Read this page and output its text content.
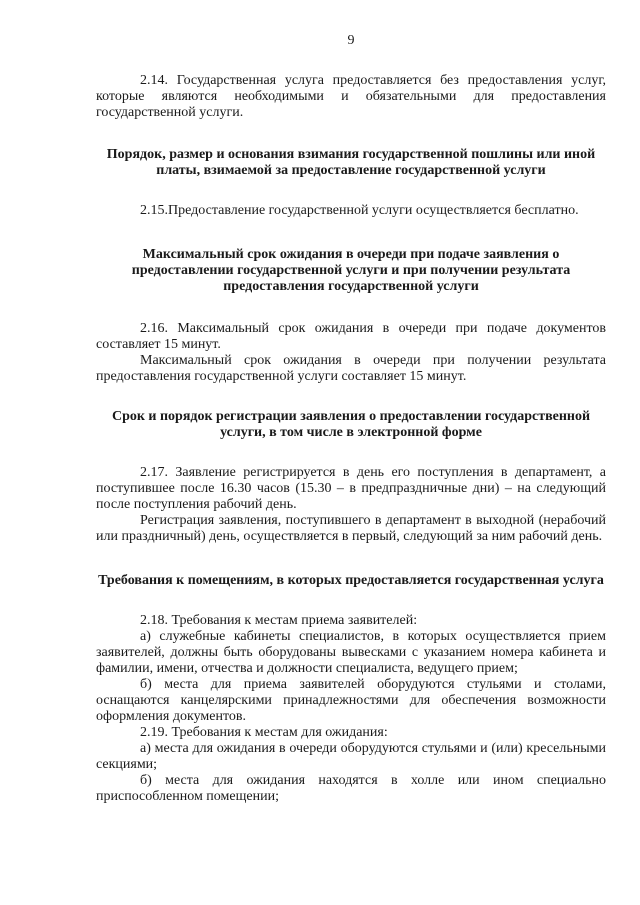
9

2.14. Государственная услуга предоставляется без предоставления услуг, которые являются необходимыми и обязательными для предоставления государственной услуги.

Порядок, размер и основания взимания государственной пошлины или иной платы, взимаемой за предоставление государственной услуги

2.15.Предоставление государственной услуги осуществляется бесплатно.

Максимальный срок ожидания в очереди при подаче заявления о предоставлении государственной услуги и при получении результата предоставления государственной услуги

2.16. Максимальный срок ожидания в очереди при подаче документов составляет 15 минут.

Максимальный срок ожидания в очереди при получении результата предоставления государственной услуги составляет 15 минут.

Срок и порядок регистрации заявления о предоставлении государственной услуги, в том числе в электронной форме

2.17. Заявление регистрируется в день его поступления в департамент, а поступившее после 16.30 часов (15.30 – в предпраздничные дни) – на следующий после поступления рабочий день.

Регистрация заявления, поступившего в департамент в выходной (нерабочий или праздничный) день, осуществляется в первый, следующий за ним рабочий день.

Требования к помещениям, в которых предоставляется государственная услуга

2.18. Требования к местам приема заявителей:

а) служебные кабинеты специалистов, в которых осуществляется прием заявителей, должны быть оборудованы вывесками с указанием номера кабинета и фамилии, имени, отчества и должности специалиста, ведущего прием;

б) места для приема заявителей оборудуются стульями и столами, оснащаются канцелярскими принадлежностями для обеспечения возможности оформления документов.

2.19. Требования к местам для ожидания:

а) места для ожидания в очереди оборудуются стульями и (или) кресельными секциями;

б) места для ожидания находятся в холле или ином специально приспособленном помещении;
